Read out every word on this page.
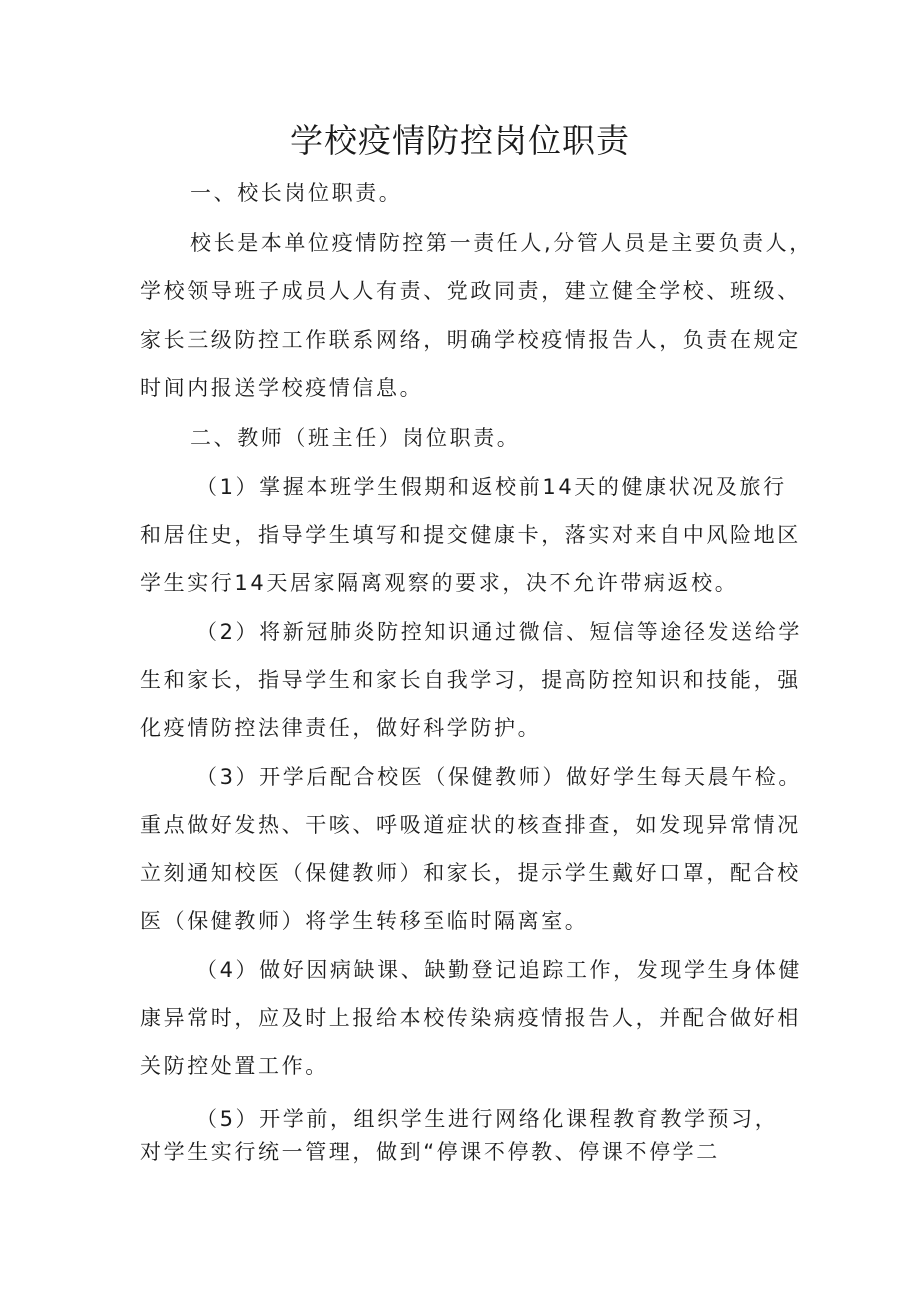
学校疫情防控岗位职责

一、校长岗位职责。

校长是本单位疫情防控第一责任人,分管人员是主要负责人，

学校领导班子成员人人有责、党政同责，建立健全学校、班级、

家长三级防控工作联系网络，明确学校疫情报告人，负责在规定

时间内报送学校疫情信息。

二、教师（班主任）岗位职责。

（1）掌握本班学生假期和返校前14天的健康状况及旅行

和居住史，指导学生填写和提交健康卡，落实对来自中风险地区

学生实行14天居家隔离观察的要求，决不允许带病返校。

（2）将新冠肺炎防控知识通过微信、短信等途径发送给学

生和家长，指导学生和家长自我学习，提高防控知识和技能，强

化疫情防控法律责任，做好科学防护。

（3）开学后配合校医（保健教师）做好学生每天晨午检。

重点做好发热、干咳、呼吸道症状的核查排查，如发现异常情况

立刻通知校医（保健教师）和家长，提示学生戴好口罩，配合校

医（保健教师）将学生转移至临时隔离室。

（4）做好因病缺课、缺勤登记追踪工作，发现学生身体健

康异常时，应及时上报给本校传染病疫情报告人，并配合做好相

关防控处置工作。

（5）开学前，组织学生进行网络化课程教育教学预习，

对学生实行统一管理，做到“停课不停教、停课不停学二
